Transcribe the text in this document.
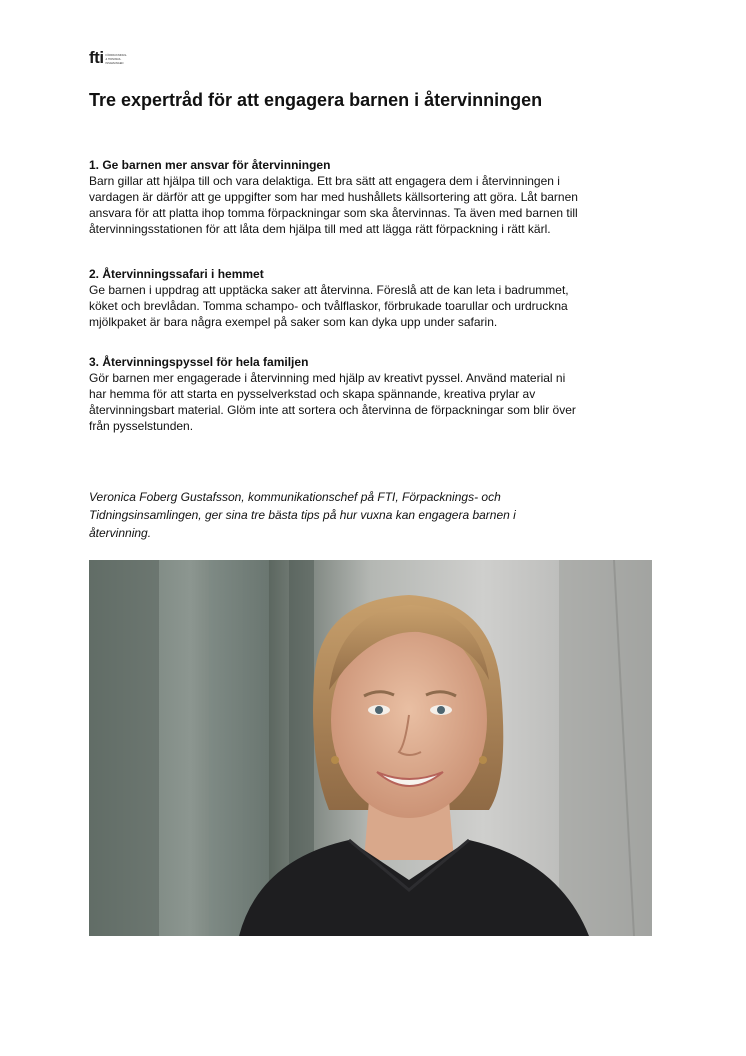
fti FÖRPACKNINGS-
& TIDNINGS-
INSAMLINGEN
Tre expertråd för att engagera barnen i återvinningen
1. Ge barnen mer ansvar för återvinningen

Barn gillar att hjälpa till och vara delaktiga. Ett bra sätt att engagera dem i återvinningen i

vardagen är därför att ge uppgifter som har med hushållets källsortering att göra. Låt barnen

ansvara för att platta ihop tomma förpackningar som ska återvinnas. Ta även med barnen till

återvinningsstationen för att låta dem hjälpa till med att lägga rätt förpackning i rätt kärl.

2. Återvinningssafari i hemmet

Ge barnen i uppdrag att upptäcka saker att återvinna. Föreslå att de kan leta i badrummet,

köket och brevlådan. Tomma schampo- och tvålflaskor, förbrukade toarullar och urdruckna

mjölkpaket är bara några exempel på saker som kan dyka upp under safarin.

3. Återvinningspyssel för hela familjen

Gör barnen mer engagerade i återvinning med hjälp av kreativt pyssel. Använd material ni

har hemma för att starta en pysselverkstad och skapa spännande, kreativa prylar av

återvinningsbart material. Glöm inte att sortera och återvinna de förpackningar som blir över

från pysselstunden.

Veronica Foberg Gustafsson, kommunikationschef på FTI, Förpacknings- och
Tidningsinsamlingen, ger sina tre bästa tips på hur vuxna kan engagera barnen i
återvinning.
